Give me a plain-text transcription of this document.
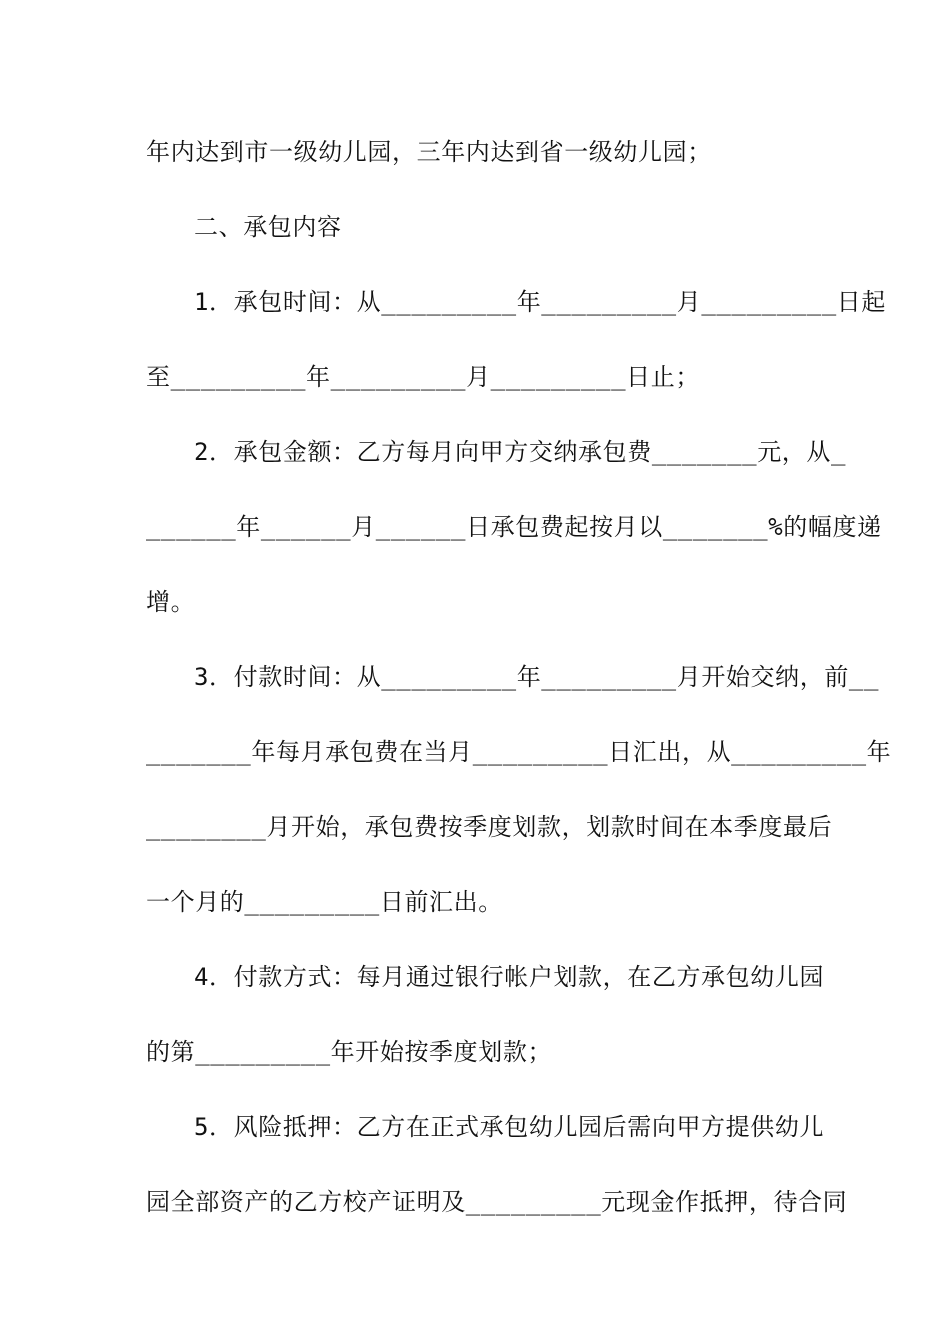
年内达到市一级幼儿园，三年内达到省一级幼儿园；
二、承包内容
1．承包时间：从_________年_________月_________日起
至_________年_________月_________日止；
2．承包金额：乙方每月向甲方交纳承包费_______元，从_
______年______月______日承包费起按月以_______%的幅度递
增。
3．付款时间：从_________年_________月开始交纳，前__
_______年每月承包费在当月_________日汇出，从_________年
________月开始，承包费按季度划款，划款时间在本季度最后
一个月的_________日前汇出。
4．付款方式：每月通过银行帐户划款，在乙方承包幼儿园
的第_________年开始按季度划款；
5．风险抵押：乙方在正式承包幼儿园后需向甲方提供幼儿
园全部资产的乙方校产证明及_________元现金作抵押，待合同
